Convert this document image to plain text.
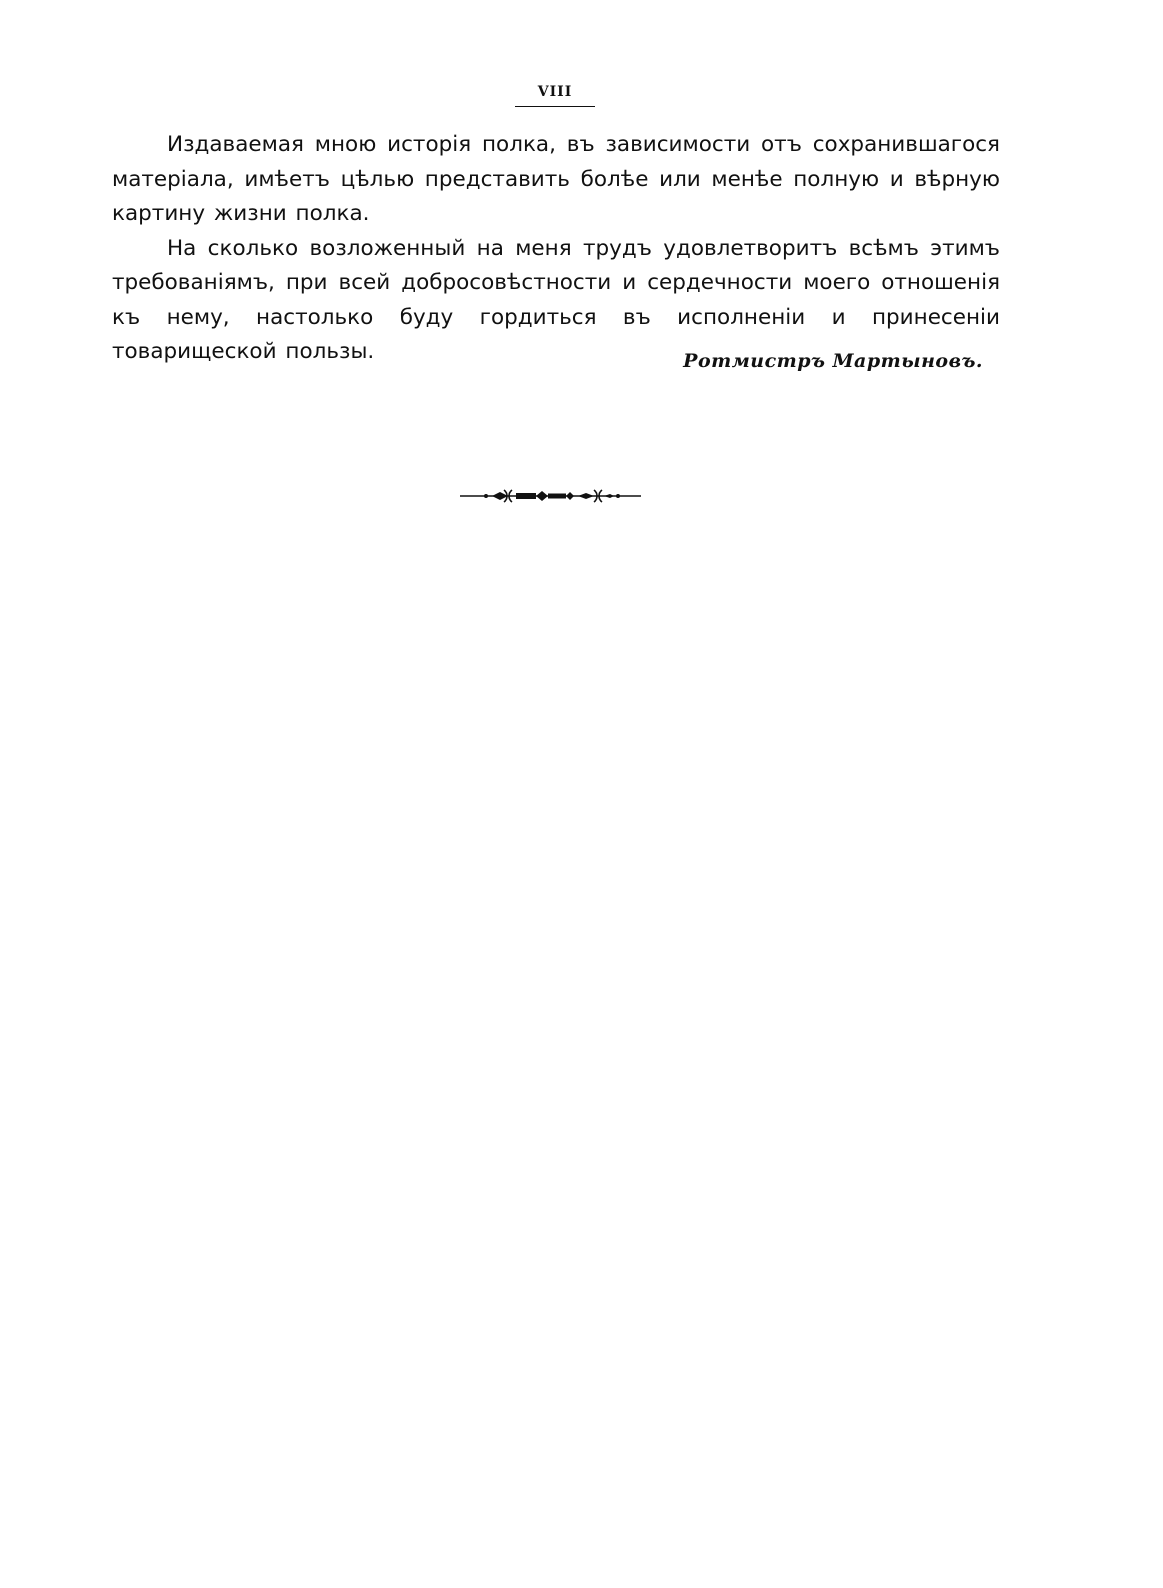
VIII

Издаваемая мною исторія полка, въ зависимости отъ сохранившагося матеріала, имѣетъ цѣлью представить болѣе или менѣе полную и вѣрную картину жизни полка.

На сколько возложенный на меня трудъ удовлетворитъ всѣмъ этимъ требованіямъ, при всей добросовѣстности и сердечности моего отношенія къ нему, настолько буду гордиться въ исполненіи и принесеніи товарищеской пользы.	Ротмистръ Мартыновъ.
